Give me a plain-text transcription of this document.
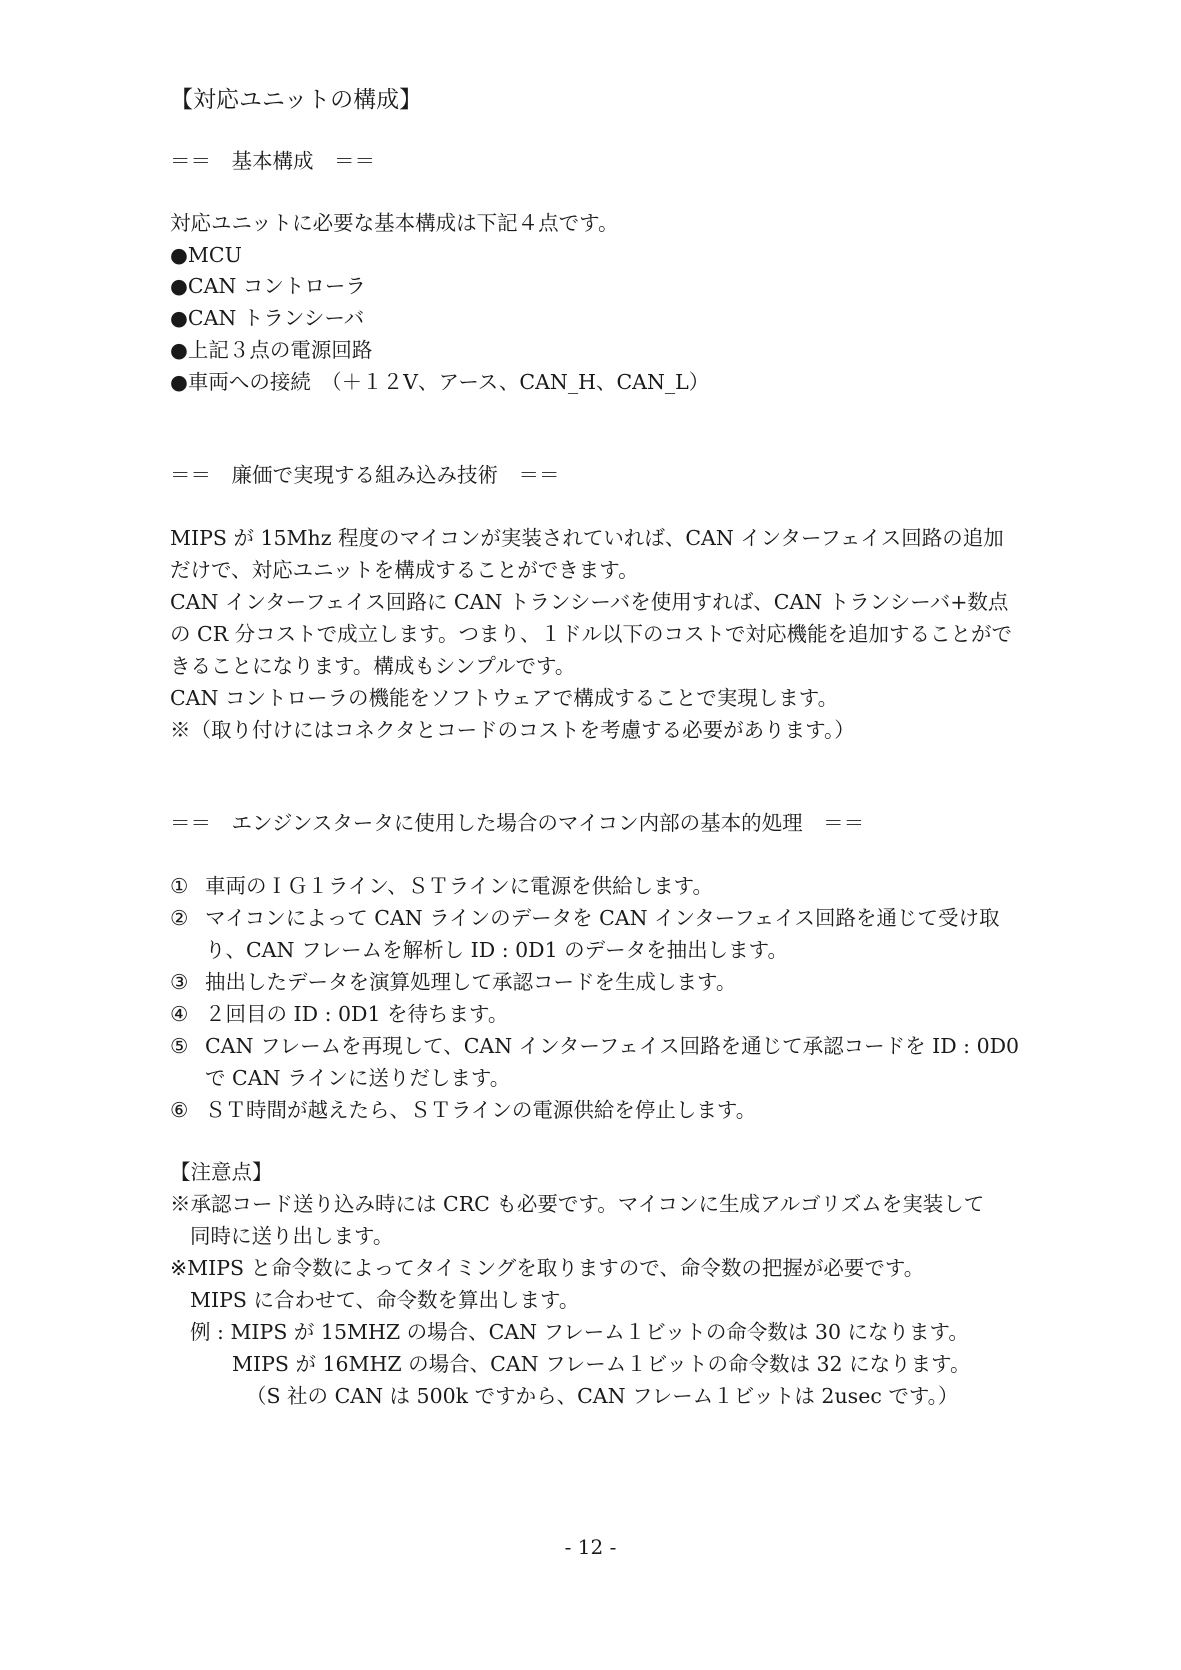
【対応ユニットの構成】
＝＝　基本構成　＝＝
対応ユニットに必要な基本構成は下記４点です。
●MCU
●CAN コントローラ
●CAN トランシーバ
●上記３点の電源回路
●車両への接続　（＋１２V、アース、CAN_H、CAN_L）
＝＝　廉価で実現する組み込み技術　＝＝
MIPS が 15Mhz 程度のマイコンが実装されていれば、CAN インターフェイス回路の追加
だけで、対応ユニットを構成することができます。
CAN インターフェイス回路に CAN トランシーバを使用すれば、CAN トランシーバ+数点
の CR 分コストで成立します。つまり、１ドル以下のコストで対応機能を追加することがで
きることになります。構成もシンプルです。
CAN コントローラの機能をソフトウェアで構成することで実現します。
※（取り付けにはコネクタとコードのコストを考慮する必要があります。）
＝＝　エンジンスタータに使用した場合のマイコン内部の基本的処理　＝＝
① 車両のＩＧ１ライン、ＳＴラインに電源を供給します。
② マイコンによって CAN ラインのデータを CAN インターフェイス回路を通じて受け取
り、CAN フレームを解析し ID : 0D1 のデータを抽出します。
③ 抽出したデータを演算処理して承認コードを生成します。
④ ２回目の ID : 0D1 を待ちます。
⑤ CAN フレームを再現して、CAN インターフェイス回路を通じて承認コードを ID : 0D0
で CAN ラインに送りだします。
⑥ ＳＴ時間が越えたら、ＳＴラインの電源供給を停止します。
【注意点】
※承認コード送り込み時には CRC も必要です。マイコンに生成アルゴリズムを実装して
同時に送り出します。
※MIPS と命令数によってタイミングを取りますので、命令数の把握が必要です。
MIPS に合わせて、命令数を算出します。
例 : MIPS が 15MHZ の場合、CAN フレーム１ビットの命令数は 30 になります。
MIPS が 16MHZ の場合、CAN フレーム１ビットの命令数は 32 になります。
（S 社の CAN は 500k ですから、CAN フレーム１ビットは 2usec です。）
- 12 -
